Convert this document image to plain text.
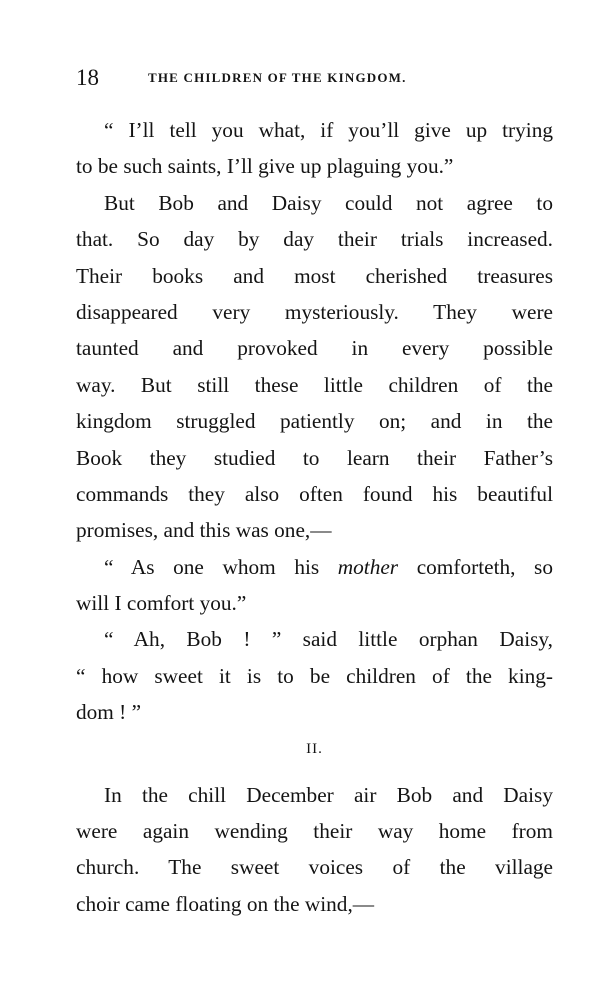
18	THE CHILDREN OF THE KINGDOM.
“ I’ll tell you what, if you’ll give up trying
to be such saints, I’ll give up plaguing you.”
But Bob and Daisy could not agree to
that. So day by day their trials increased.
Their books and most cherished treasures
disappeared very mysteriously. They were
taunted and provoked in every possible
way. But still these little children of the
kingdom struggled patiently on; and in the
Book they studied to learn their Father’s
commands they also often found his beautiful
promises, and this was one,—
“ As one whom his mother comforteth, so
will I comfort you.”
“ Ah, Bob ! ” said little orphan Daisy,
“ how sweet it is to be children of the king-
dom ! ”
II.
In the chill December air Bob and Daisy
were again wending their way home from
church. The sweet voices of the village
choir came floating on the wind,—
